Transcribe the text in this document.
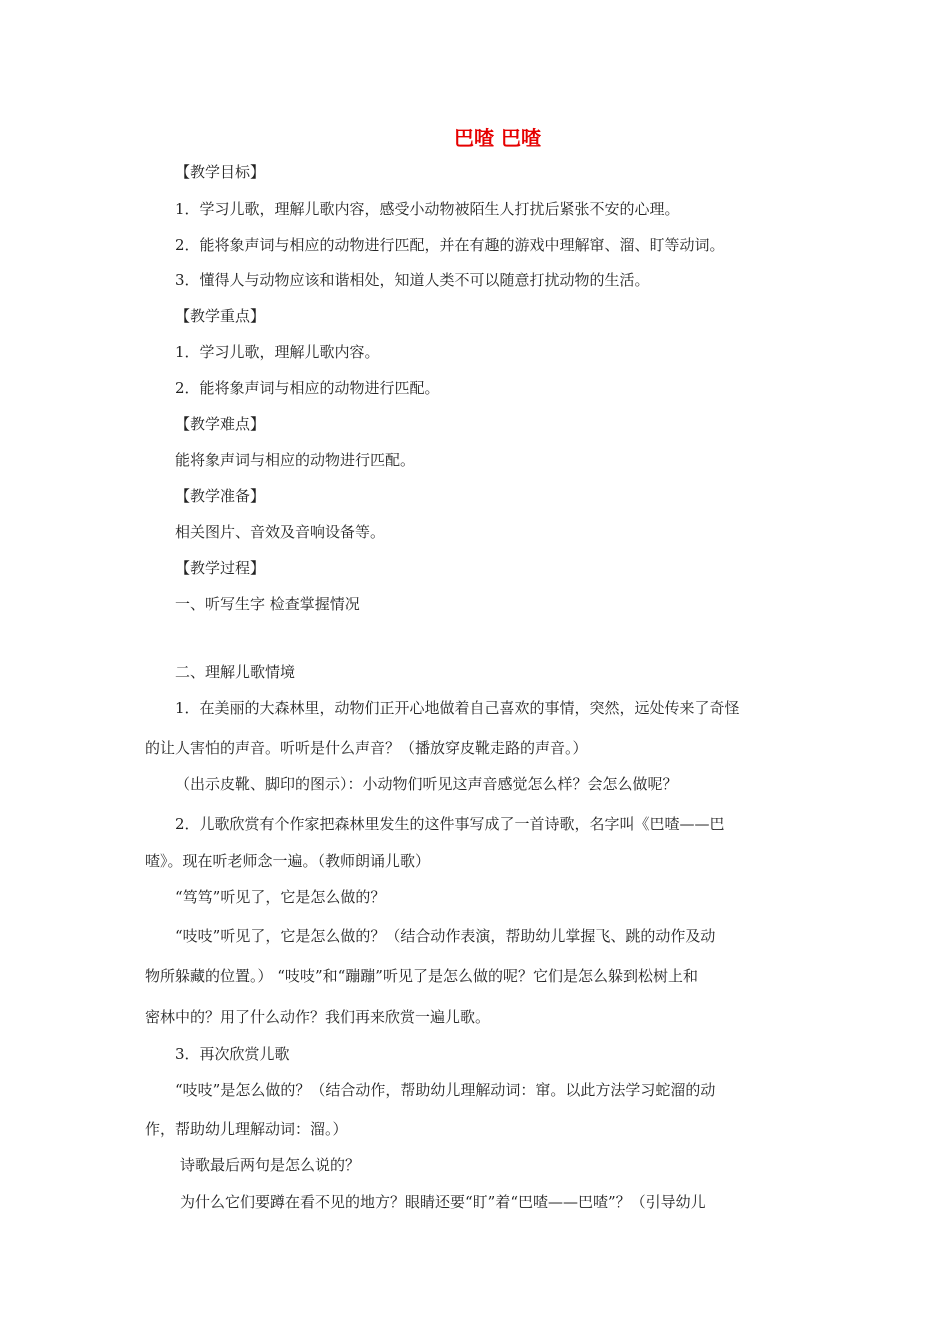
巴喳 巴喳
【教学目标】
1．学习儿歌，理解儿歌内容，感受小动物被陌生人打扰后紧张不安的心理。
2．能将象声词与相应的动物进行匹配，并在有趣的游戏中理解窜、溜、盯等动词。
3．懂得人与动物应该和谐相处，知道人类不可以随意打扰动物的生活。
【教学重点】
1．学习儿歌，理解儿歌内容。
2．能将象声词与相应的动物进行匹配。
【教学难点】
能将象声词与相应的动物进行匹配。
【教学准备】
相关图片、音效及音响设备等。
【教学过程】
一、听写生字 检查掌握情况
二、理解儿歌情境
1．在美丽的大森林里，动物们正开心地做着自己喜欢的事情，突然，远处传来了奇怪
的让人害怕的声音。听听是什么声音？（播放穿皮靴走路的声音。）
（出示皮靴、脚印的图示）：小动物们听见这声音感觉怎么样？会怎么做呢？
2．儿歌欣赏有个作家把森林里发生的这件事写成了一首诗歌，名字叫《巴喳——巴
喳》。现在听老师念一遍。（教师朗诵儿歌）
“笃笃”听见了，它是怎么做的？
“吱吱”听见了，它是怎么做的？（结合动作表演，帮助幼儿掌握飞、跳的动作及动
物所躲藏的位置。） “吱吱”和“蹦蹦”听见了是怎么做的呢？它们是怎么躲到松树上和
密林中的？用了什么动作？我们再来欣赏一遍儿歌。
3．再次欣赏儿歌
“吱吱”是怎么做的？（结合动作，帮助幼儿理解动词：窜。以此方法学习蛇溜的动
作，帮助幼儿理解动词：溜。）
诗歌最后两句是怎么说的？
为什么它们要蹲在看不见的地方？眼睛还要“盯”着“巴喳——巴喳”？（引导幼儿
